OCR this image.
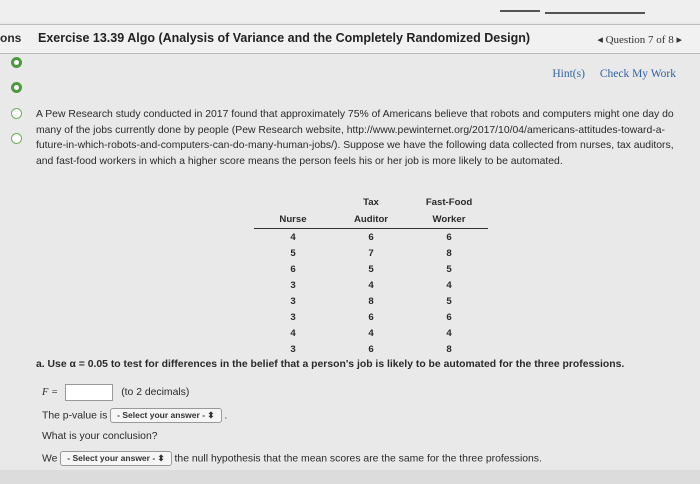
ons Exercise 13.39 Algo (Analysis of Variance and the Completely Randomized Design)	◂ Question 7 of 8 ▸
Hint(s) Check My Work

A Pew Research study conducted in 2017 found that approximately 75% of Americans believe that robots and computers might one day do many of the jobs currently done by people (Pew Research website, http://www.pewinternet.org/2017/10/04/americans-attitudes-toward-a-future-in-which-robots-and-computers-can-do-many-human-jobs/). Suppose we have the following data collected from nurses, tax auditors, and fast-food workers in which a higher score means the person feels his or her job is more likely to be automated.

	Tax	Fast-Food
Nurse	Auditor	Worker
4	6	6
5	7	8
6	5	5
3	4	4
3	8	5
3	6	6
4	4	4
3	6	8
a. Use α = 0.05 to test for differences in the belief that a person's job is likely to be automated for the three professions.
F =	(to 2 decimals)
The p-value is - Select your answer - ⬍ .
What is your conclusion?
We - Select your answer - ⬍ the null hypothesis that the mean scores are the same for the three professions.
